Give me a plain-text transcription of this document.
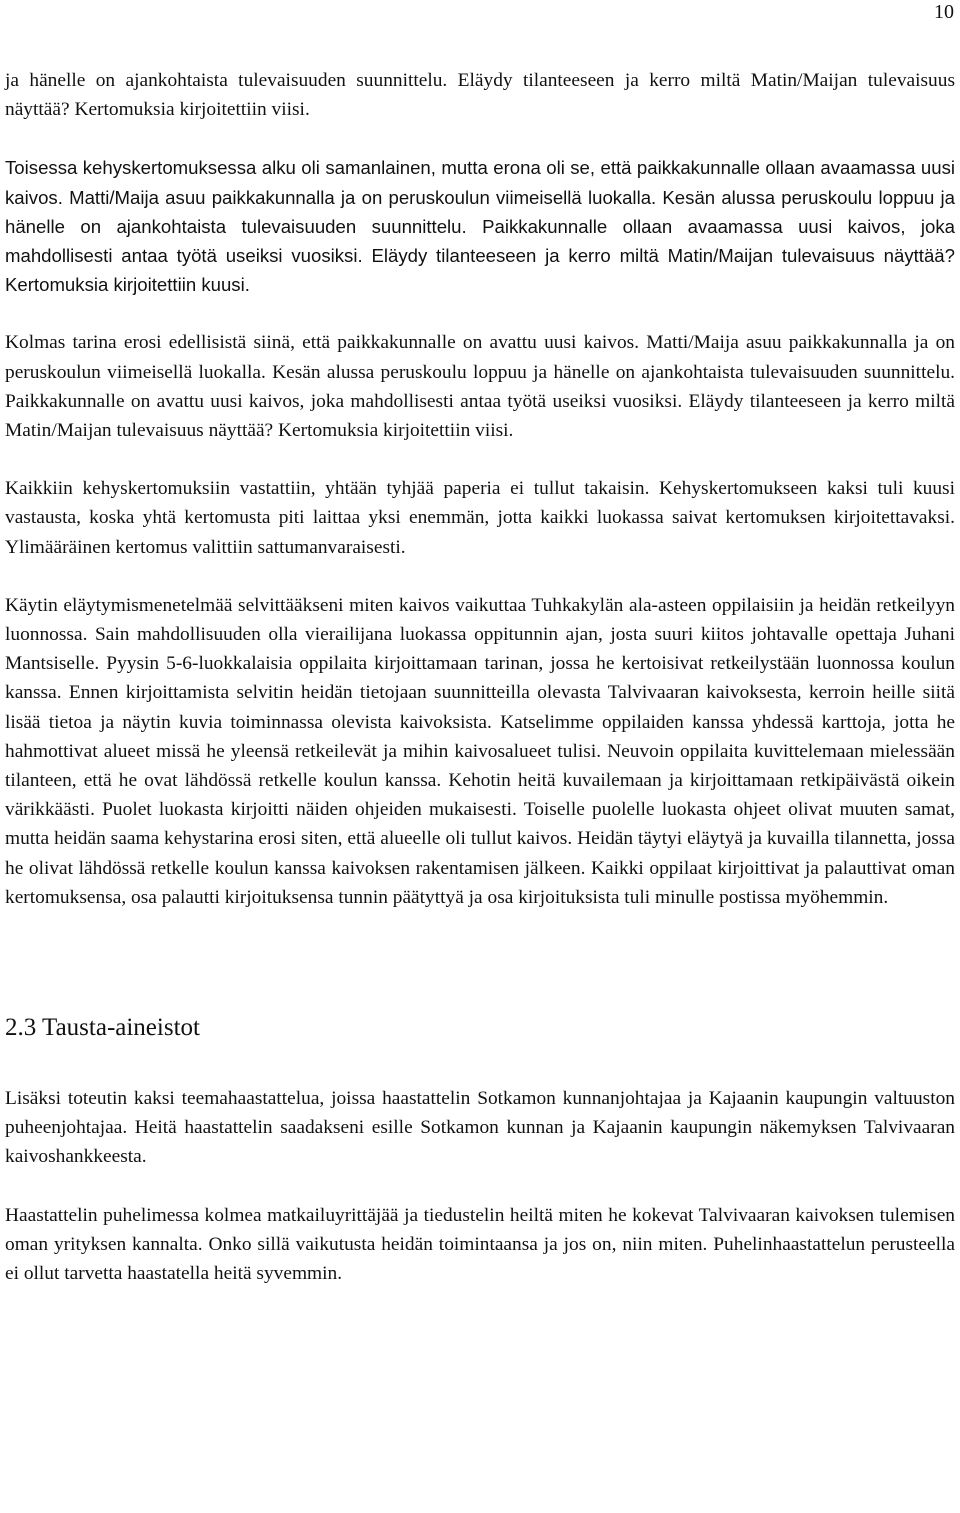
10

ja hänelle on ajankohtaista tulevaisuuden suunnittelu. Eläydy tilanteeseen ja kerro miltä Matin/Maijan tulevaisuus näyttää? Kertomuksia kirjoitettiin viisi.

Toisessa kehyskertomuksessa alku oli samanlainen, mutta erona oli se, että paikkakunnalle ollaan avaamassa uusi kaivos. Matti/Maija asuu paikkakunnalla ja on peruskoulun viimeisellä luokalla. Kesän alussa peruskoulu loppuu ja hänelle on ajankohtaista tulevaisuuden suunnittelu. Paikkakunnalle ollaan avaamassa uusi kaivos, joka mahdollisesti antaa työtä useiksi vuosiksi. Eläydy tilanteeseen ja kerro miltä Matin/Maijan tulevaisuus näyttää? Kertomuksia kirjoitettiin kuusi.

Kolmas tarina erosi edellisistä siinä, että paikkakunnalle on avattu uusi kaivos. Matti/Maija asuu paikkakunnalla ja on peruskoulun viimeisellä luokalla. Kesän alussa peruskoulu loppuu ja hänelle on ajankohtaista tulevaisuuden suunnittelu. Paikkakunnalle on avattu uusi kaivos, joka mahdollisesti antaa työtä useiksi vuosiksi. Eläydy tilanteeseen ja kerro miltä Matin/Maijan tulevaisuus näyttää? Kertomuksia kirjoitettiin viisi.

Kaikkiin kehyskertomuksiin vastattiin, yhtään tyhjää paperia ei tullut takaisin. Kehyskertomukseen kaksi tuli kuusi vastausta, koska yhtä kertomusta piti laittaa yksi enemmän, jotta kaikki luokassa saivat kertomuksen kirjoitettavaksi. Ylimääräinen kertomus valittiin sattumanvaraisesti.

Käytin eläytymismenetelmää selvittääkseni miten kaivos vaikuttaa Tuhkakylän ala-asteen oppilaisiin ja heidän retkeilyyn luonnossa. Sain mahdollisuuden olla vierailijana luokassa oppitunnin ajan, josta suuri kiitos johtavalle opettaja Juhani Mantsiselle. Pyysin 5-6-luokkalaisia oppilaita kirjoittamaan tarinan, jossa he kertoisivat retkeilystään luonnossa koulun kanssa. Ennen kirjoittamista selvitin heidän tietojaan suunnitteilla olevasta Talvivaaran kaivoksesta, kerroin heille siitä lisää tietoa ja näytin kuvia toiminnassa olevista kaivoksista. Katselimme oppilaiden kanssa yhdessä karttoja, jotta he hahmottivat alueet missä he yleensä retkeilevät ja mihin kaivosalueet tulisi. Neuvoin oppilaita kuvittelemaan mielessään tilanteen, että he ovat lähdössä retkelle koulun kanssa. Kehotin heitä kuvailemaan ja kirjoittamaan retkipäivästä oikein värikkäästi. Puolet luokasta kirjoitti näiden ohjeiden mukaisesti. Toiselle puolelle luokasta ohjeet olivat muuten samat, mutta heidän saama kehystarina erosi siten, että alueelle oli tullut kaivos. Heidän täytyi eläytyä ja kuvailla tilannetta, jossa he olivat lähdössä retkelle koulun kanssa kaivoksen rakentamisen jälkeen. Kaikki oppilaat kirjoittivat ja palauttivat oman kertomuksensa, osa palautti kirjoituksensa tunnin päätyttyä ja osa kirjoituksista tuli minulle postissa myöhemmin.

2.3 Tausta-aineistot

Lisäksi toteutin kaksi teemahaastattelua, joissa haastattelin Sotkamon kunnanjohtajaa ja Kajaanin kaupungin valtuuston puheenjohtajaa. Heitä haastattelin saadakseni esille Sotkamon kunnan ja Kajaanin kaupungin näkemyksen Talvivaaran kaivoshankkeesta.

Haastattelin puhelimessa kolmea matkailuyrittäjää ja tiedustelin heiltä miten he kokevat Talvivaaran kaivoksen tulemisen oman yrityksen kannalta. Onko sillä vaikutusta heidän toimintaansa ja jos on, niin miten. Puhelinhaastattelun perusteella ei ollut tarvetta haastatella heitä syvemmin.
